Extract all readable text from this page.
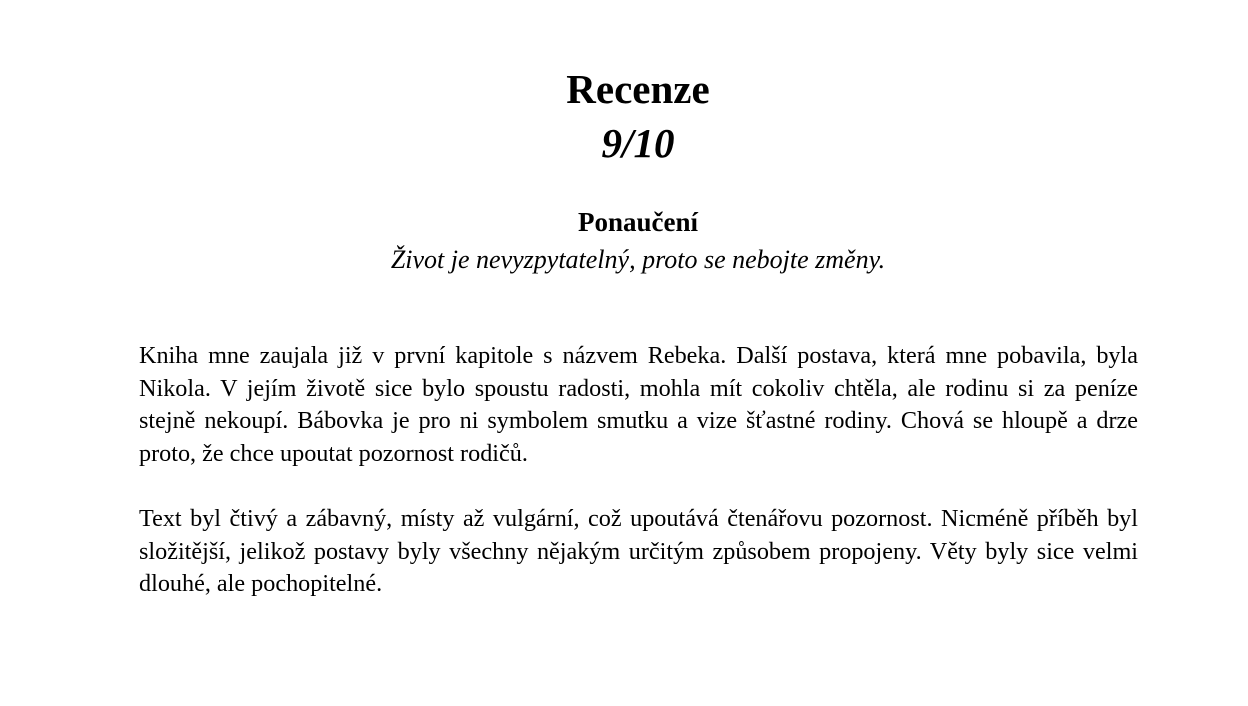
Recenze
9/10
Ponaučení
Život je nevyzpytatelný, proto se nebojte změny.

Kniha mne zaujala již v první kapitole s názvem Rebeka. Další postava, která mne pobavila, byla Nikola. V jejím životě sice bylo spoustu radosti, mohla mít cokoliv chtěla, ale rodinu si za peníze stejně nekoupí. Bábovka je pro ni symbolem smutku a vize šťastné rodiny. Chová se hloupě a drze proto, že chce upoutat pozornost rodičů.

Text byl čtivý a zábavný, místy až vulgární, což upoutává čtenářovu pozornost. Nicméně příběh byl složitější, jelikož postavy byly všechny nějakým určitým způsobem propojeny. Věty byly sice velmi dlouhé, ale pochopitelné.
